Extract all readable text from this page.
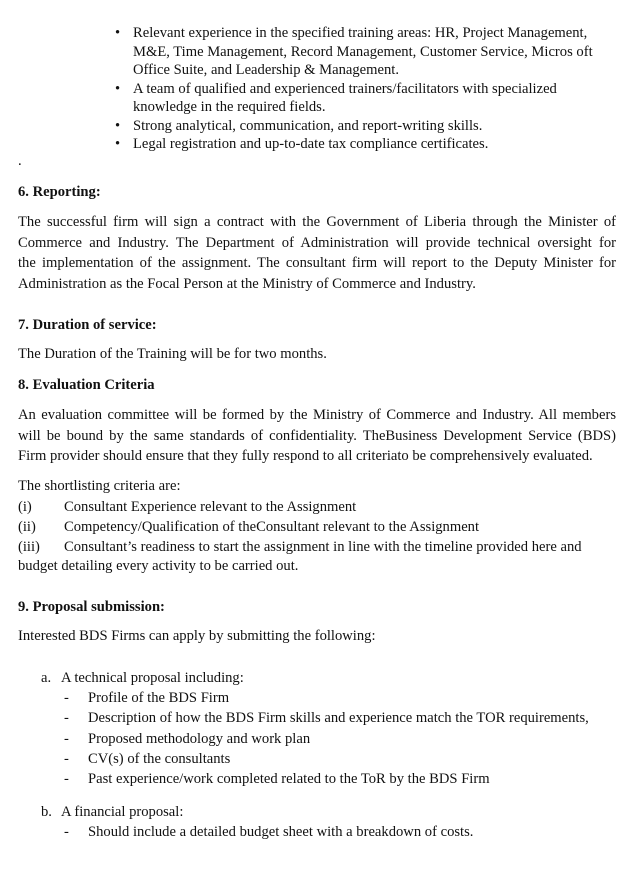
• Relevant experience in the specified training areas: HR, Project Management,
M&E, Time Management, Record Management, Customer Service, Micros oft
Office Suite, and Leadership & Management.
• A team of qualified and experienced trainers/facilitators with specialized
knowledge in the required fields.
• Strong analytical, communication, and report-writing skills.
• Legal registration and up-to-date tax compliance certificates.
.
6. Reporting:
The successful firm will sign a contract with the Government of Liberia through the Minister of
Commerce and Industry. The Department of Administration will provide technical oversight for
the implementation of the assignment. The consultant firm will report to the Deputy Minister for
Administration as the Focal Person at the Ministry of Commerce and Industry.
7. Duration of service:
The Duration of the Training will be for two months.
8. Evaluation Criteria
An evaluation committee will be formed by the Ministry of Commerce and Industry. All members
will be bound by the same standards of confidentiality. TheBusiness Development Service (BDS)
Firm provider should ensure that they fully respond to all criteriato be comprehensively evaluated.
The shortlisting criteria are:
(i) Consultant Experience relevant to the Assignment
(ii) Competency/Qualification of theConsultant relevant to the Assignment
(iii) Consultant’s readiness to start the assignment in line with the timeline provided here and
budget detailing every activity to be carried out.
9. Proposal submission:
Interested BDS Firms can apply by submitting the following:
a. A technical proposal including:
- Profile of the BDS Firm
- Description of how the BDS Firm skills and experience match the TOR requirements,
- Proposed methodology and work plan
- CV(s) of the consultants
- Past experience/work completed related to the ToR by the BDS Firm
b. A financial proposal:
- Should include a detailed budget sheet with a breakdown of costs.
